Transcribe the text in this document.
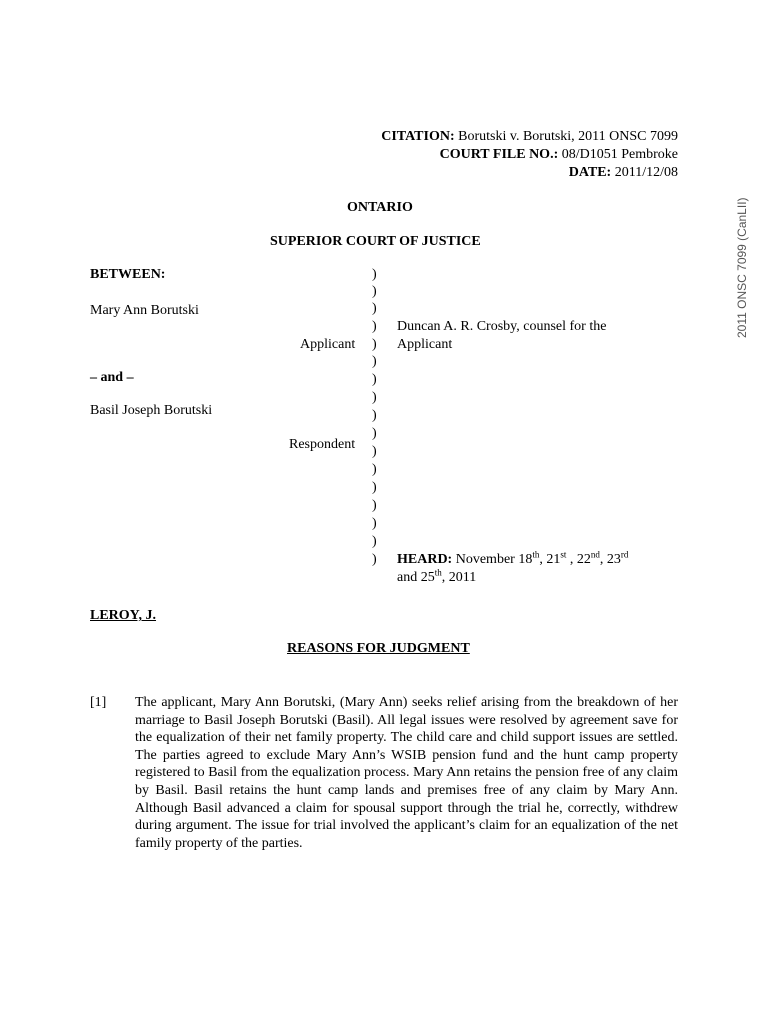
CITATION: Borutski v. Borutski, 2011 ONSC 7099
COURT FILE NO.: 08/D1051 Pembroke
DATE: 2011/12/08
2011 ONSC 7099 (CanLII)
ONTARIO
SUPERIOR COURT OF JUSTICE
BETWEEN:
Mary Ann Borutski
Applicant
– and –
Basil Joseph Borutski
Respondent
)
)
)
)
)
)
)
)
)
)
)
)
)
)
)
)
)
Duncan A. R. Crosby, counsel for the
Applicant
HEARD: November 18th, 21st , 22nd, 23rd
and 25th, 2011
LEROY, J.
REASONS FOR JUDGMENT
[1] The applicant, Mary Ann Borutski, (Mary Ann) seeks relief arising from the breakdown of her marriage to Basil Joseph Borutski (Basil). All legal issues were resolved by agreement save for the equalization of their net family property. The child care and child support issues are settled. The parties agreed to exclude Mary Ann’s WSIB pension fund and the hunt camp property registered to Basil from the equalization process. Mary Ann retains the pension free of any claim by Basil. Basil retains the hunt camp lands and premises free of any claim by Mary Ann. Although Basil advanced a claim for spousal support through the trial he, correctly, withdrew during argument. The issue for trial involved the applicant’s claim for an equalization of the net family property of the parties.
